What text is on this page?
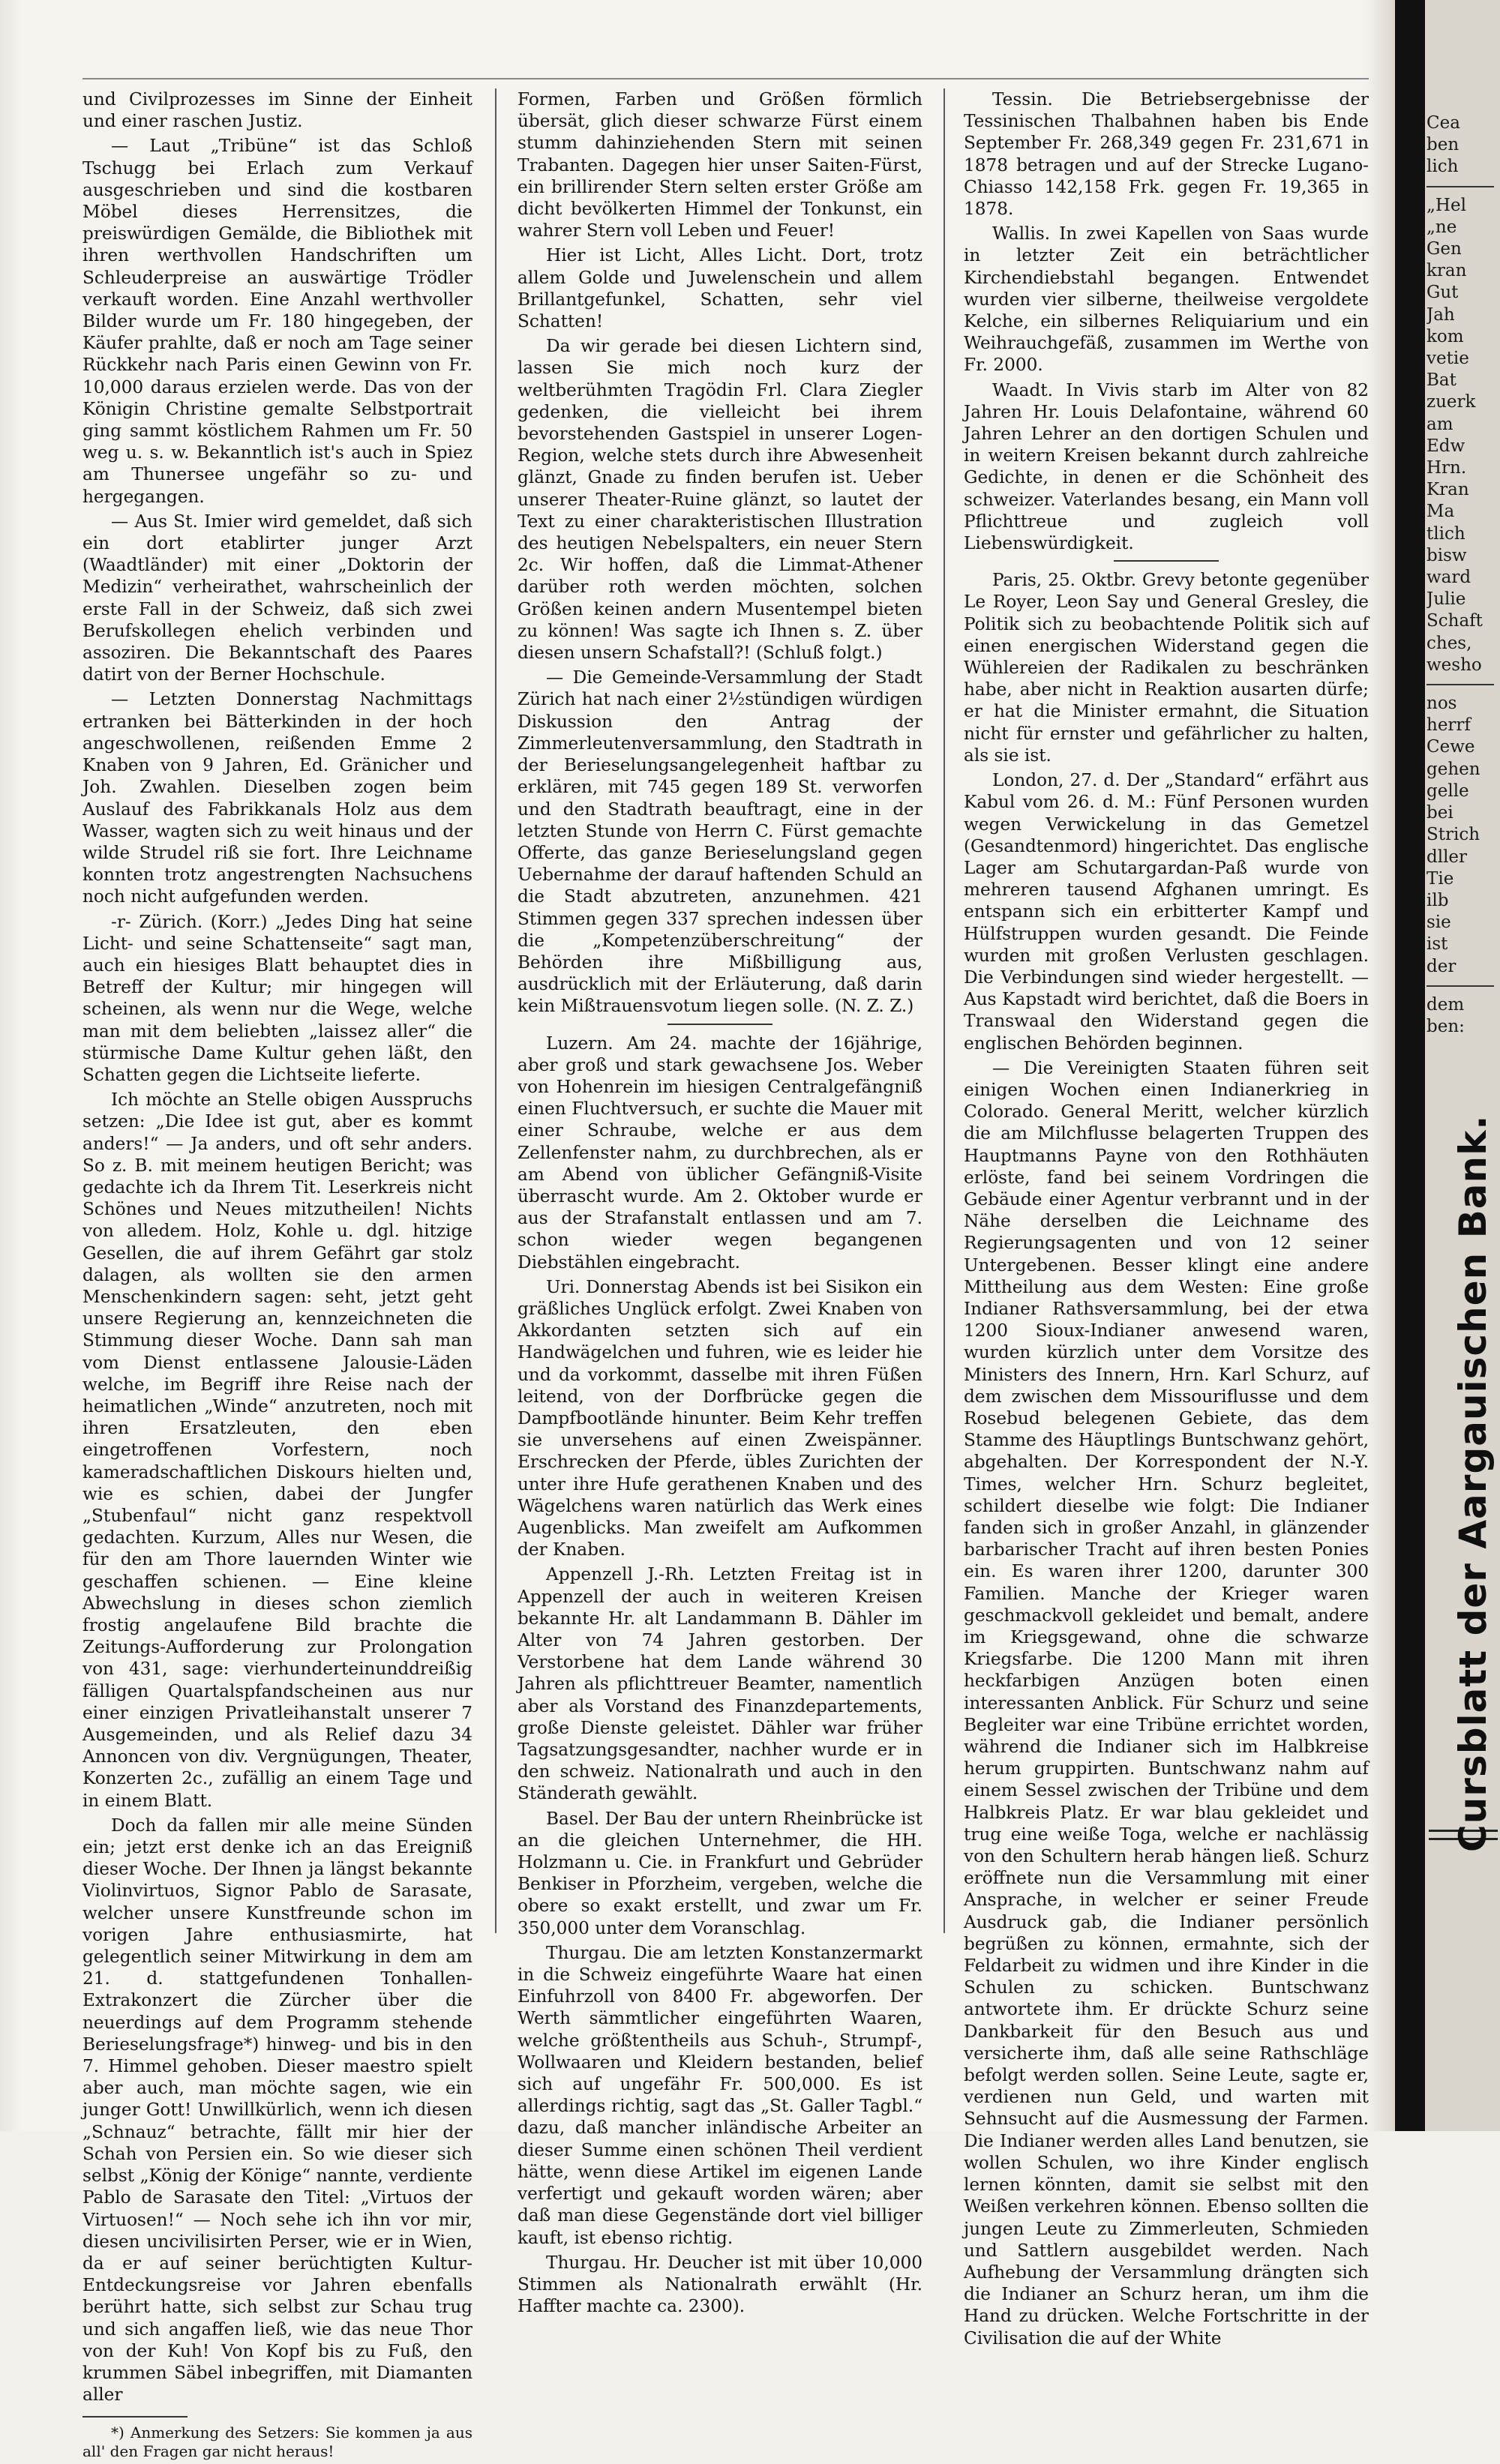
und Civilprozesses im Sinne der Einheit und einer raschen Justiz.

— Laut „Tribüne“ ist das Schloß Tschugg bei Erlach zum Verkauf ausgeschrieben und sind die kostbaren Möbel dieses Herrensitzes, die preiswürdigen Gemälde, die Bibliothek mit ihren werthvollen Handschriften um Schleuderpreise an auswärtige Trödler verkauft worden. Eine Anzahl werthvoller Bilder wurde um Fr. 180 hingegeben, der Käufer prahlte, daß er noch am Tage seiner Rückkehr nach Paris einen Gewinn von Fr. 10,000 daraus erzielen werde. Das von der Königin Christine gemalte Selbstportrait ging sammt köstlichem Rahmen um Fr. 50 weg u. s. w. Bekanntlich ist's auch in Spiez am Thunersee ungefähr so zu- und hergegangen.

— Aus St. Imier wird gemeldet, daß sich ein dort etablirter junger Arzt (Waadtländer) mit einer „Doktorin der Medizin“ verheirathet, wahrscheinlich der erste Fall in der Schweiz, daß sich zwei Berufskollegen ehelich verbinden und assoziren. Die Bekanntschaft des Paares datirt von der Berner Hochschule.

— Letzten Donnerstag Nachmittags ertranken bei Bätterkinden in der hoch angeschwollenen, reißenden Emme 2 Knaben von 9 Jahren, Ed. Gränicher und Joh. Zwahlen. Dieselben zogen beim Auslauf des Fabrikkanals Holz aus dem Wasser, wagten sich zu weit hinaus und der wilde Strudel riß sie fort. Ihre Leichname konnten trotz angestrengten Nachsuchens noch nicht aufgefunden werden.

-r- Zürich. (Korr.) „Jedes Ding hat seine Licht- und seine Schattenseite“ sagt man, auch ein hiesiges Blatt behauptet dies in Betreff der Kultur; mir hingegen will scheinen, als wenn nur die Wege, welche man mit dem beliebten „laissez aller“ die stürmische Dame Kultur gehen läßt, den Schatten gegen die Lichtseite lieferte.

Ich möchte an Stelle obigen Ausspruchs setzen: „Die Idee ist gut, aber es kommt anders!“ — Ja anders, und oft sehr anders. So z. B. mit meinem heutigen Bericht; was gedachte ich da Ihrem Tit. Leserkreis nicht Schönes und Neues mitzutheilen! Nichts von alledem. Holz, Kohle u. dgl. hitzige Gesellen, die auf ihrem Gefährt gar stolz dalagen, als wollten sie den armen Menschenkindern sagen: seht, jetzt geht unsere Regierung an, kennzeichneten die Stimmung dieser Woche. Dann sah man vom Dienst entlassene Jalousie-Läden welche, im Begriff ihre Reise nach der heimatlichen „Winde“ anzutreten, noch mit ihren Ersatzleuten, den eben eingetroffenen Vorfestern, noch kameradschaftlichen Diskours hielten und, wie es schien, dabei der Jungfer „Stubenfaul“ nicht ganz respektvoll gedachten. Kurzum, Alles nur Wesen, die für den am Thore lauernden Winter wie geschaffen schienen. — Eine kleine Abwechslung in dieses schon ziemlich frostig angelaufene Bild brachte die Zeitungs-Aufforderung zur Prolongation von 431, sage: vierhunderteinunddreißig fälligen Quartalspfandscheinen aus nur einer einzigen Privatleihanstalt unserer 7 Ausgemeinden, und als Relief dazu 34 Annoncen von div. Vergnügungen, Theater, Konzerten 2c., zufällig an einem Tage und in einem Blatt.

Doch da fallen mir alle meine Sünden ein; jetzt erst denke ich an das Ereigniß dieser Woche. Der Ihnen ja längst bekannte Violinvirtuos, Signor Pablo de Sarasate, welcher unsere Kunstfreunde schon im vorigen Jahre enthusiasmirte, hat gelegentlich seiner Mitwirkung in dem am 21. d. stattgefundenen Tonhallen-Extrakonzert die Zürcher über die neuerdings auf dem Programm stehende Berieselungsfrage*) hinweg- und bis in den 7. Himmel gehoben. Dieser maestro spielt aber auch, man möchte sagen, wie ein junger Gott! Unwillkürlich, wenn ich diesen „Schnauz“ betrachte, fällt mir hier der Schah von Persien ein. So wie dieser sich selbst „König der Könige“ nannte, verdiente Pablo de Sarasate den Titel: „Virtuos der Virtuosen!“ — Noch sehe ich ihn vor mir, diesen uncivilisirten Perser, wie er in Wien, da er auf seiner berüchtigten Kultur-Entdeckungsreise vor Jahren ebenfalls berührt hatte, sich selbst zur Schau trug und sich angaffen ließ, wie das neue Thor von der Kuh! Von Kopf bis zu Fuß, den krummen Säbel inbegriffen, mit Diamanten aller

*) Anmerkung des Setzers: Sie kommen ja aus all' den Fragen gar nicht heraus!

Formen, Farben und Größen förmlich übersät, glich dieser schwarze Fürst einem stumm dahinziehenden Stern mit seinen Trabanten. Dagegen hier unser Saiten-Fürst, ein brillirender Stern selten erster Größe am dicht bevölkerten Himmel der Tonkunst, ein wahrer Stern voll Leben und Feuer!

Hier ist Licht, Alles Licht. Dort, trotz allem Golde und Juwelenschein und allem Brillantgefunkel, Schatten, sehr viel Schatten!

Da wir gerade bei diesen Lichtern sind, lassen Sie mich noch kurz der weltberühmten Tragödin Frl. Clara Ziegler gedenken, die vielleicht bei ihrem bevorstehenden Gastspiel in unserer Logen-Region, welche stets durch ihre Abwesenheit glänzt, Gnade zu finden berufen ist. Ueber unserer Theater-Ruine glänzt, so lautet der Text zu einer charakteristischen Illustration des heutigen Nebelspalters, ein neuer Stern 2c. Wir hoffen, daß die Limmat-Athener darüber roth werden möchten, solchen Größen keinen andern Musentempel bieten zu können! Was sagte ich Ihnen s. Z. über diesen unsern Schafstall?! (Schluß folgt.)

— Die Gemeinde-Versammlung der Stadt Zürich hat nach einer 2½stündigen würdigen Diskussion den Antrag der Zimmerleutenversammlung, den Stadtrath in der Berieselungsangelegenheit haftbar zu erklären, mit 745 gegen 189 St. verworfen und den Stadtrath beauftragt, eine in der letzten Stunde von Herrn C. Fürst gemachte Offerte, das ganze Berieselungsland gegen Uebernahme der darauf haftenden Schuld an die Stadt abzutreten, anzunehmen. 421 Stimmen gegen 337 sprechen indessen über die „Kompetenzüberschreitung“ der Behörden ihre Mißbilligung aus, ausdrücklich mit der Erläuterung, daß darin kein Mißtrauensvotum liegen solle. (N. Z. Z.)

Luzern. Am 24. machte der 16jährige, aber groß und stark gewachsene Jos. Weber von Hohenrein im hiesigen Centralgefängniß einen Fluchtversuch, er suchte die Mauer mit einer Schraube, welche er aus dem Zellenfenster nahm, zu durchbrechen, als er am Abend von üblicher Gefängniß-Visite überrascht wurde. Am 2. Oktober wurde er aus der Strafanstalt entlassen und am 7. schon wieder wegen begangenen Diebstählen eingebracht.

Uri. Donnerstag Abends ist bei Sisikon ein gräßliches Unglück erfolgt. Zwei Knaben von Akkordanten setzten sich auf ein Handwägelchen und fuhren, wie es leider hie und da vorkommt, dasselbe mit ihren Füßen leitend, von der Dorfbrücke gegen die Dampfbootlände hinunter. Beim Kehr treffen sie unversehens auf einen Zweispänner. Erschrecken der Pferde, übles Zurichten der unter ihre Hufe gerathenen Knaben und des Wägelchens waren natürlich das Werk eines Augenblicks. Man zweifelt am Aufkommen der Knaben.

Appenzell J.-Rh. Letzten Freitag ist in Appenzell der auch in weiteren Kreisen bekannte Hr. alt Landammann B. Dähler im Alter von 74 Jahren gestorben. Der Verstorbene hat dem Lande während 30 Jahren als pflichttreuer Beamter, namentlich aber als Vorstand des Finanzdepartements, große Dienste geleistet. Dähler war früher Tagsatzungsgesandter, nachher wurde er in den schweiz. Nationalrath und auch in den Ständerath gewählt.

Basel. Der Bau der untern Rheinbrücke ist an die gleichen Unternehmer, die HH. Holzmann u. Cie. in Frankfurt und Gebrüder Benkiser in Pforzheim, vergeben, welche die obere so exakt erstellt, und zwar um Fr. 350,000 unter dem Voranschlag.

Thurgau. Die am letzten Konstanzermarkt in die Schweiz eingeführte Waare hat einen Einfuhrzoll von 8400 Fr. abgeworfen. Der Werth sämmtlicher eingeführten Waaren, welche größtentheils aus Schuh-, Strumpf-, Wollwaaren und Kleidern bestanden, belief sich auf ungefähr Fr. 500,000. Es ist allerdings richtig, sagt das „St. Galler Tagbl.“ dazu, daß mancher inländische Arbeiter an dieser Summe einen schönen Theil verdient hätte, wenn diese Artikel im eigenen Lande verfertigt und gekauft worden wären; aber daß man diese Gegenstände dort viel billiger kauft, ist ebenso richtig.

Thurgau. Hr. Deucher ist mit über 10,000 Stimmen als Nationalrath erwählt (Hr. Haffter machte ca. 2300).

Tessin. Die Betriebsergebnisse der Tessinischen Thalbahnen haben bis Ende September Fr. 268,349 gegen Fr. 231,671 in 1878 betragen und auf der Strecke Lugano-Chiasso 142,158 Frk. gegen Fr. 19,365 in 1878.

Wallis. In zwei Kapellen von Saas wurde in letzter Zeit ein beträchtlicher Kirchendiebstahl begangen. Entwendet wurden vier silberne, theilweise vergoldete Kelche, ein silbernes Reliquiarium und ein Weihrauchgefäß, zusammen im Werthe von Fr. 2000.

Waadt. In Vivis starb im Alter von 82 Jahren Hr. Louis Delafontaine, während 60 Jahren Lehrer an den dortigen Schulen und in weitern Kreisen bekannt durch zahlreiche Gedichte, in denen er die Schönheit des schweizer. Vaterlandes besang, ein Mann voll Pflichttreue und zugleich voll Liebenswürdigkeit.

Paris, 25. Oktbr. Grevy betonte gegenüber Le Royer, Leon Say und General Gresley, die Politik sich zu beobachtende Politik sich auf einen energischen Widerstand gegen die Wühlereien der Radikalen zu beschränken habe, aber nicht in Reaktion ausarten dürfe; er hat die Minister ermahnt, die Situation nicht für ernster und gefährlicher zu halten, als sie ist.

London, 27. d. Der „Standard“ erfährt aus Kabul vom 26. d. M.: Fünf Personen wurden wegen Verwickelung in das Gemetzel (Gesandtenmord) hingerichtet. Das englische Lager am Schutargardan-Paß wurde von mehreren tausend Afghanen umringt. Es entspann sich ein erbitterter Kampf und Hülfstruppen wurden gesandt. Die Feinde wurden mit großen Verlusten geschlagen. Die Verbindungen sind wieder hergestellt. — Aus Kapstadt wird berichtet, daß die Boers in Transwaal den Widerstand gegen die englischen Behörden beginnen.

— Die Vereinigten Staaten führen seit einigen Wochen einen Indianerkrieg in Colorado. General Meritt, welcher kürzlich die am Milchflusse belagerten Truppen des Hauptmanns Payne von den Rothhäuten erlöste, fand bei seinem Vordringen die Gebäude einer Agentur verbrannt und in der Nähe derselben die Leichname des Regierungsagenten und von 12 seiner Untergebenen. Besser klingt eine andere Mittheilung aus dem Westen: Eine große Indianer Rathsversammlung, bei der etwa 1200 Sioux-Indianer anwesend waren, wurden kürzlich unter dem Vorsitze des Ministers des Innern, Hrn. Karl Schurz, auf dem zwischen dem Missouriflusse und dem Rosebud belegenen Gebiete, das dem Stamme des Häuptlings Buntschwanz gehört, abgehalten. Der Korrespondent der N.-Y. Times, welcher Hrn. Schurz begleitet, schildert dieselbe wie folgt: Die Indianer fanden sich in großer Anzahl, in glänzender barbarischer Tracht auf ihren besten Ponies ein. Es waren ihrer 1200, darunter 300 Familien. Manche der Krieger waren geschmackvoll gekleidet und bemalt, andere im Kriegsgewand, ohne die schwarze Kriegsfarbe. Die 1200 Mann mit ihren heckfarbigen Anzügen boten einen interessanten Anblick. Für Schurz und seine Begleiter war eine Tribüne errichtet worden, während die Indianer sich im Halbkreise herum gruppirten. Buntschwanz nahm auf einem Sessel zwischen der Tribüne und dem Halbkreis Platz. Er war blau gekleidet und trug eine weiße Toga, welche er nachlässig von den Schultern herab hängen ließ. Schurz eröffnete nun die Versammlung mit einer Ansprache, in welcher er seiner Freude Ausdruck gab, die Indianer persönlich begrüßen zu können, ermahnte, sich der Feldarbeit zu widmen und ihre Kinder in die Schulen zu schicken. Buntschwanz antwortete ihm. Er drückte Schurz seine Dankbarkeit für den Besuch aus und versicherte ihm, daß alle seine Rathschläge befolgt werden sollen. Seine Leute, sagte er, verdienen nun Geld, und warten mit Sehnsucht auf die Ausmessung der Farmen. Die Indianer werden alles Land benutzen, sie wollen Schulen, wo ihre Kinder englisch lernen könnten, damit sie selbst mit den Weißen verkehren können. Ebenso sollten die jungen Leute zu Zimmerleuten, Schmieden und Sattlern ausgebildet werden. Nach Aufhebung der Versammlung drängten sich die Indianer an Schurz heran, um ihm die Hand zu drücken. Welche Fortschritte in der Civilisation die auf der White

Cea
ben
lich
„Hel
„ne
Gen
kran
Gut
Jah
kom
vetie
Bat
zuerk
am
Edw
Hrn.
Kran
Ma
tlich
bisw
ward
Julie
Schaft
ches,
wesho
nos
herrf
Cewe
gehen
gelle
bei
Strich
dller
Tie
ilb
sie
ist
der
dem
ben:
Cursblatt der Aargauischen Bank.
